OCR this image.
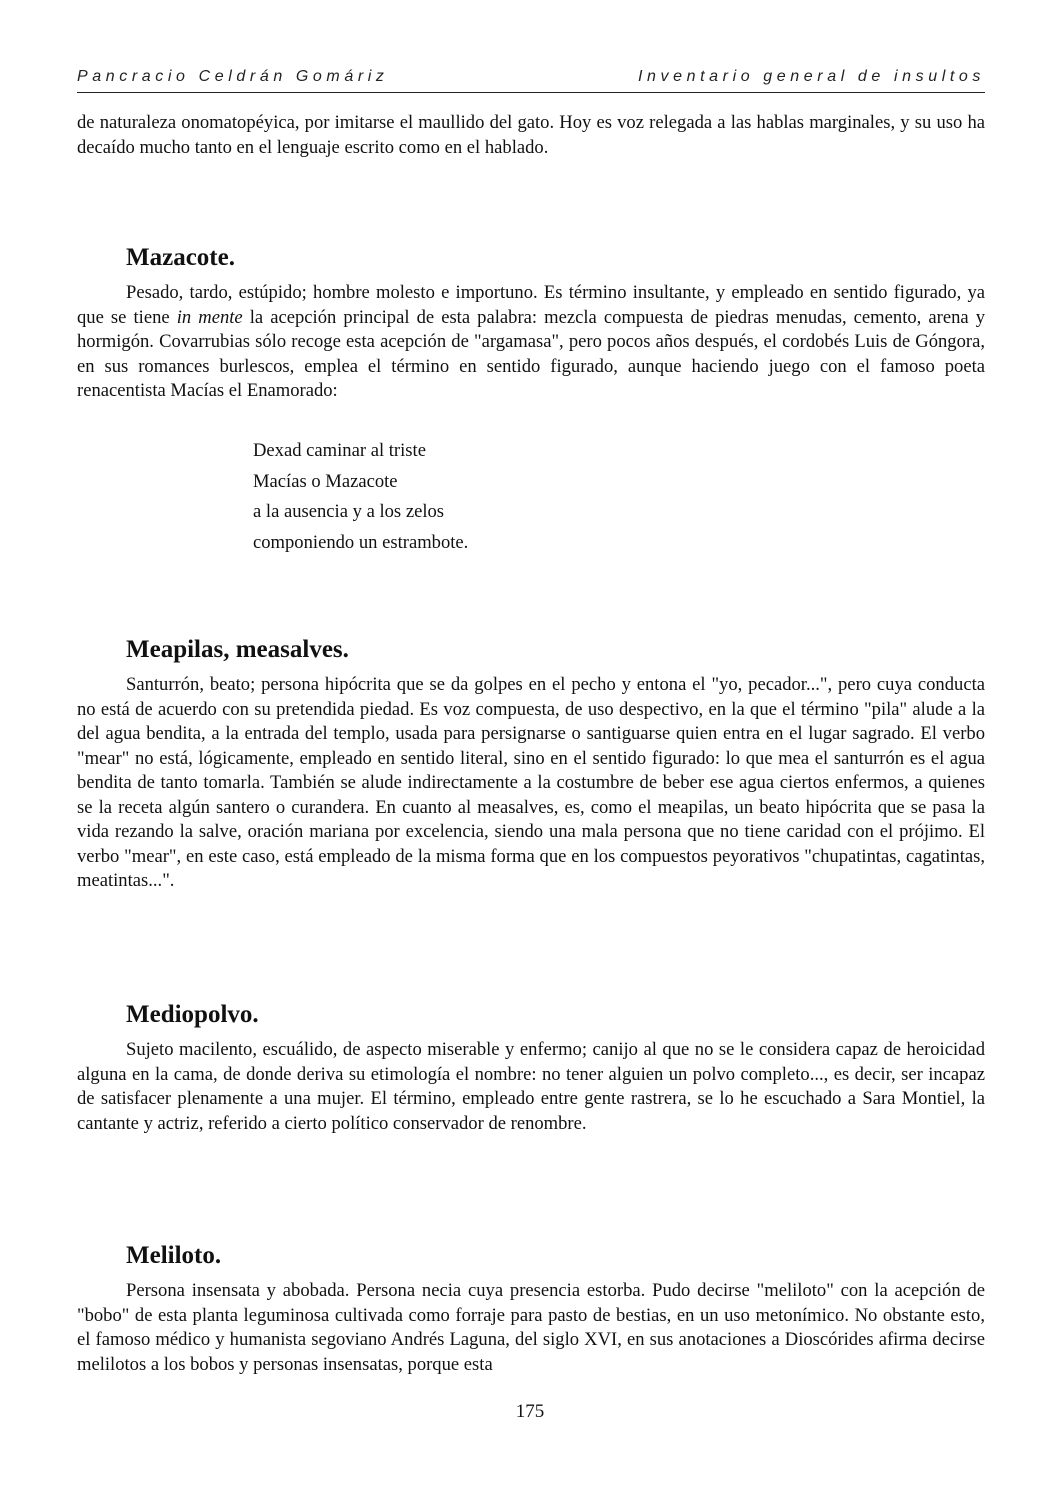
Pancracio Celdrán Gomáriz	Inventario general de insultos

de naturaleza onomatopéyica, por imitarse el maullido del gato. Hoy es voz relegada a las hablas marginales, y su uso ha decaído mucho tanto en el lenguaje escrito como en el hablado.

Mazacote.

Pesado, tardo, estúpido; hombre molesto e importuno. Es término insultante, y empleado en sentido figurado, ya que se tiene in mente la acepción principal de esta palabra: mezcla compuesta de piedras menudas, cemento, arena y hormigón. Covarrubias sólo recoge esta acepción de "argamasa", pero pocos años después, el cordobés Luis de Góngora, en sus romances burlescos, emplea el término en sentido figurado, aunque haciendo juego con el famoso poeta renacentista Macías el Enamorado:

Dexad caminar al triste
Macías o Mazacote
a la ausencia y a los zelos
componiendo un estrambote.
Meapilas, measalves.

Santurrón, beato; persona hipócrita que se da golpes en el pecho y entona el "yo, pecador...", pero cuya conducta no está de acuerdo con su pretendida piedad. Es voz compuesta, de uso despectivo, en la que el término "pila" alude a la del agua bendita, a la entrada del templo, usada para persignarse o santiguarse quien entra en el lugar sagrado. El verbo "mear" no está, lógicamente, empleado en sentido literal, sino en el sentido figurado: lo que mea el santurrón es el agua bendita de tanto tomarla. También se alude indirectamente a la costumbre de beber ese agua ciertos enfermos, a quienes se la receta algún santero o curandera. En cuanto al measalves, es, como el meapilas, un beato hipócrita que se pasa la vida rezando la salve, oración mariana por excelencia, siendo una mala persona que no tiene caridad con el prójimo. El verbo "mear", en este caso, está empleado de la misma forma que en los compuestos peyorativos "chupatintas, cagatintas, meatintas...".

Mediopolvo.

Sujeto macilento, escuálido, de aspecto miserable y enfermo; canijo al que no se le considera capaz de heroicidad alguna en la cama, de donde deriva su etimología el nombre: no tener alguien un polvo completo..., es decir, ser incapaz de satisfacer plenamente a una mujer. El término, empleado entre gente rastrera, se lo he escuchado a Sara Montiel, la cantante y actriz, referido a cierto político conservador de renombre.

Meliloto.

Persona insensata y abobada. Persona necia cuya presencia estorba. Pudo decirse "meliloto" con la acepción de "bobo" de esta planta leguminosa cultivada como forraje para pasto de bestias, en un uso metonímico. No obstante esto, el famoso médico y humanista segoviano Andrés Laguna, del siglo XVI, en sus anotaciones a Dioscórides afirma decirse melilotos a los bobos y personas insensatas, porque esta

175
